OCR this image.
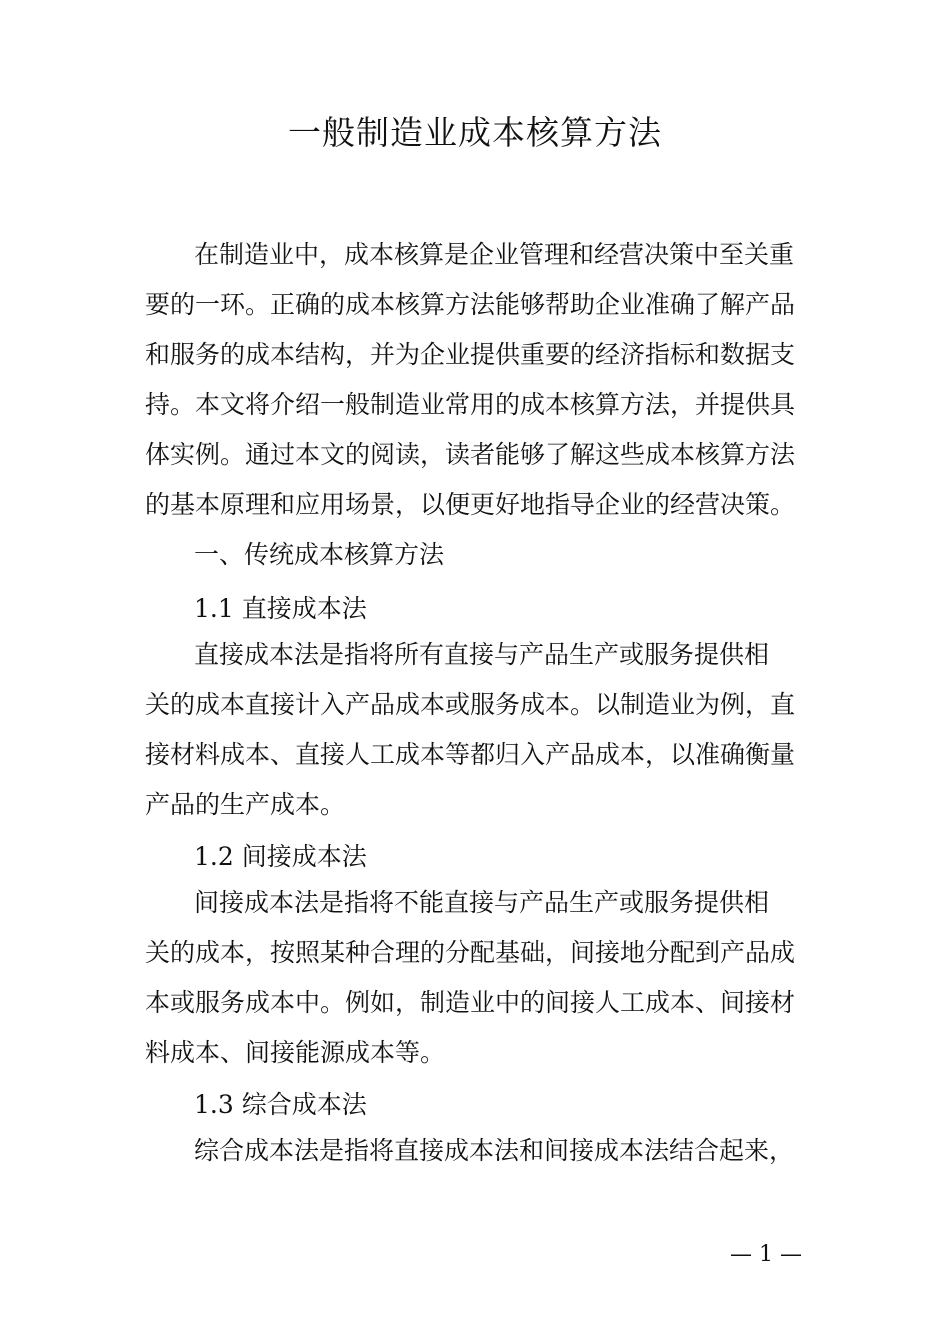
一般制造业成本核算方法
在制造业中，成本核算是企业管理和经营决策中至关重
要的一环。正确的成本核算方法能够帮助企业准确了解产品
和服务的成本结构，并为企业提供重要的经济指标和数据支
持。本文将介绍一般制造业常用的成本核算方法，并提供具
体实例。通过本文的阅读，读者能够了解这些成本核算方法
的基本原理和应用场景，以便更好地指导企业的经营决策。
一、传统成本核算方法
1.1 直接成本法
直接成本法是指将所有直接与产品生产或服务提供相
关的成本直接计入产品成本或服务成本。以制造业为例，直
接材料成本、直接人工成本等都归入产品成本，以准确衡量
产品的生产成本。
1.2 间接成本法
间接成本法是指将不能直接与产品生产或服务提供相
关的成本，按照某种合理的分配基础，间接地分配到产品成
本或服务成本中。例如，制造业中的间接人工成本、间接材
料成本、间接能源成本等。
1.3 综合成本法
综合成本法是指将直接成本法和间接成本法结合起来，
— 1 —
